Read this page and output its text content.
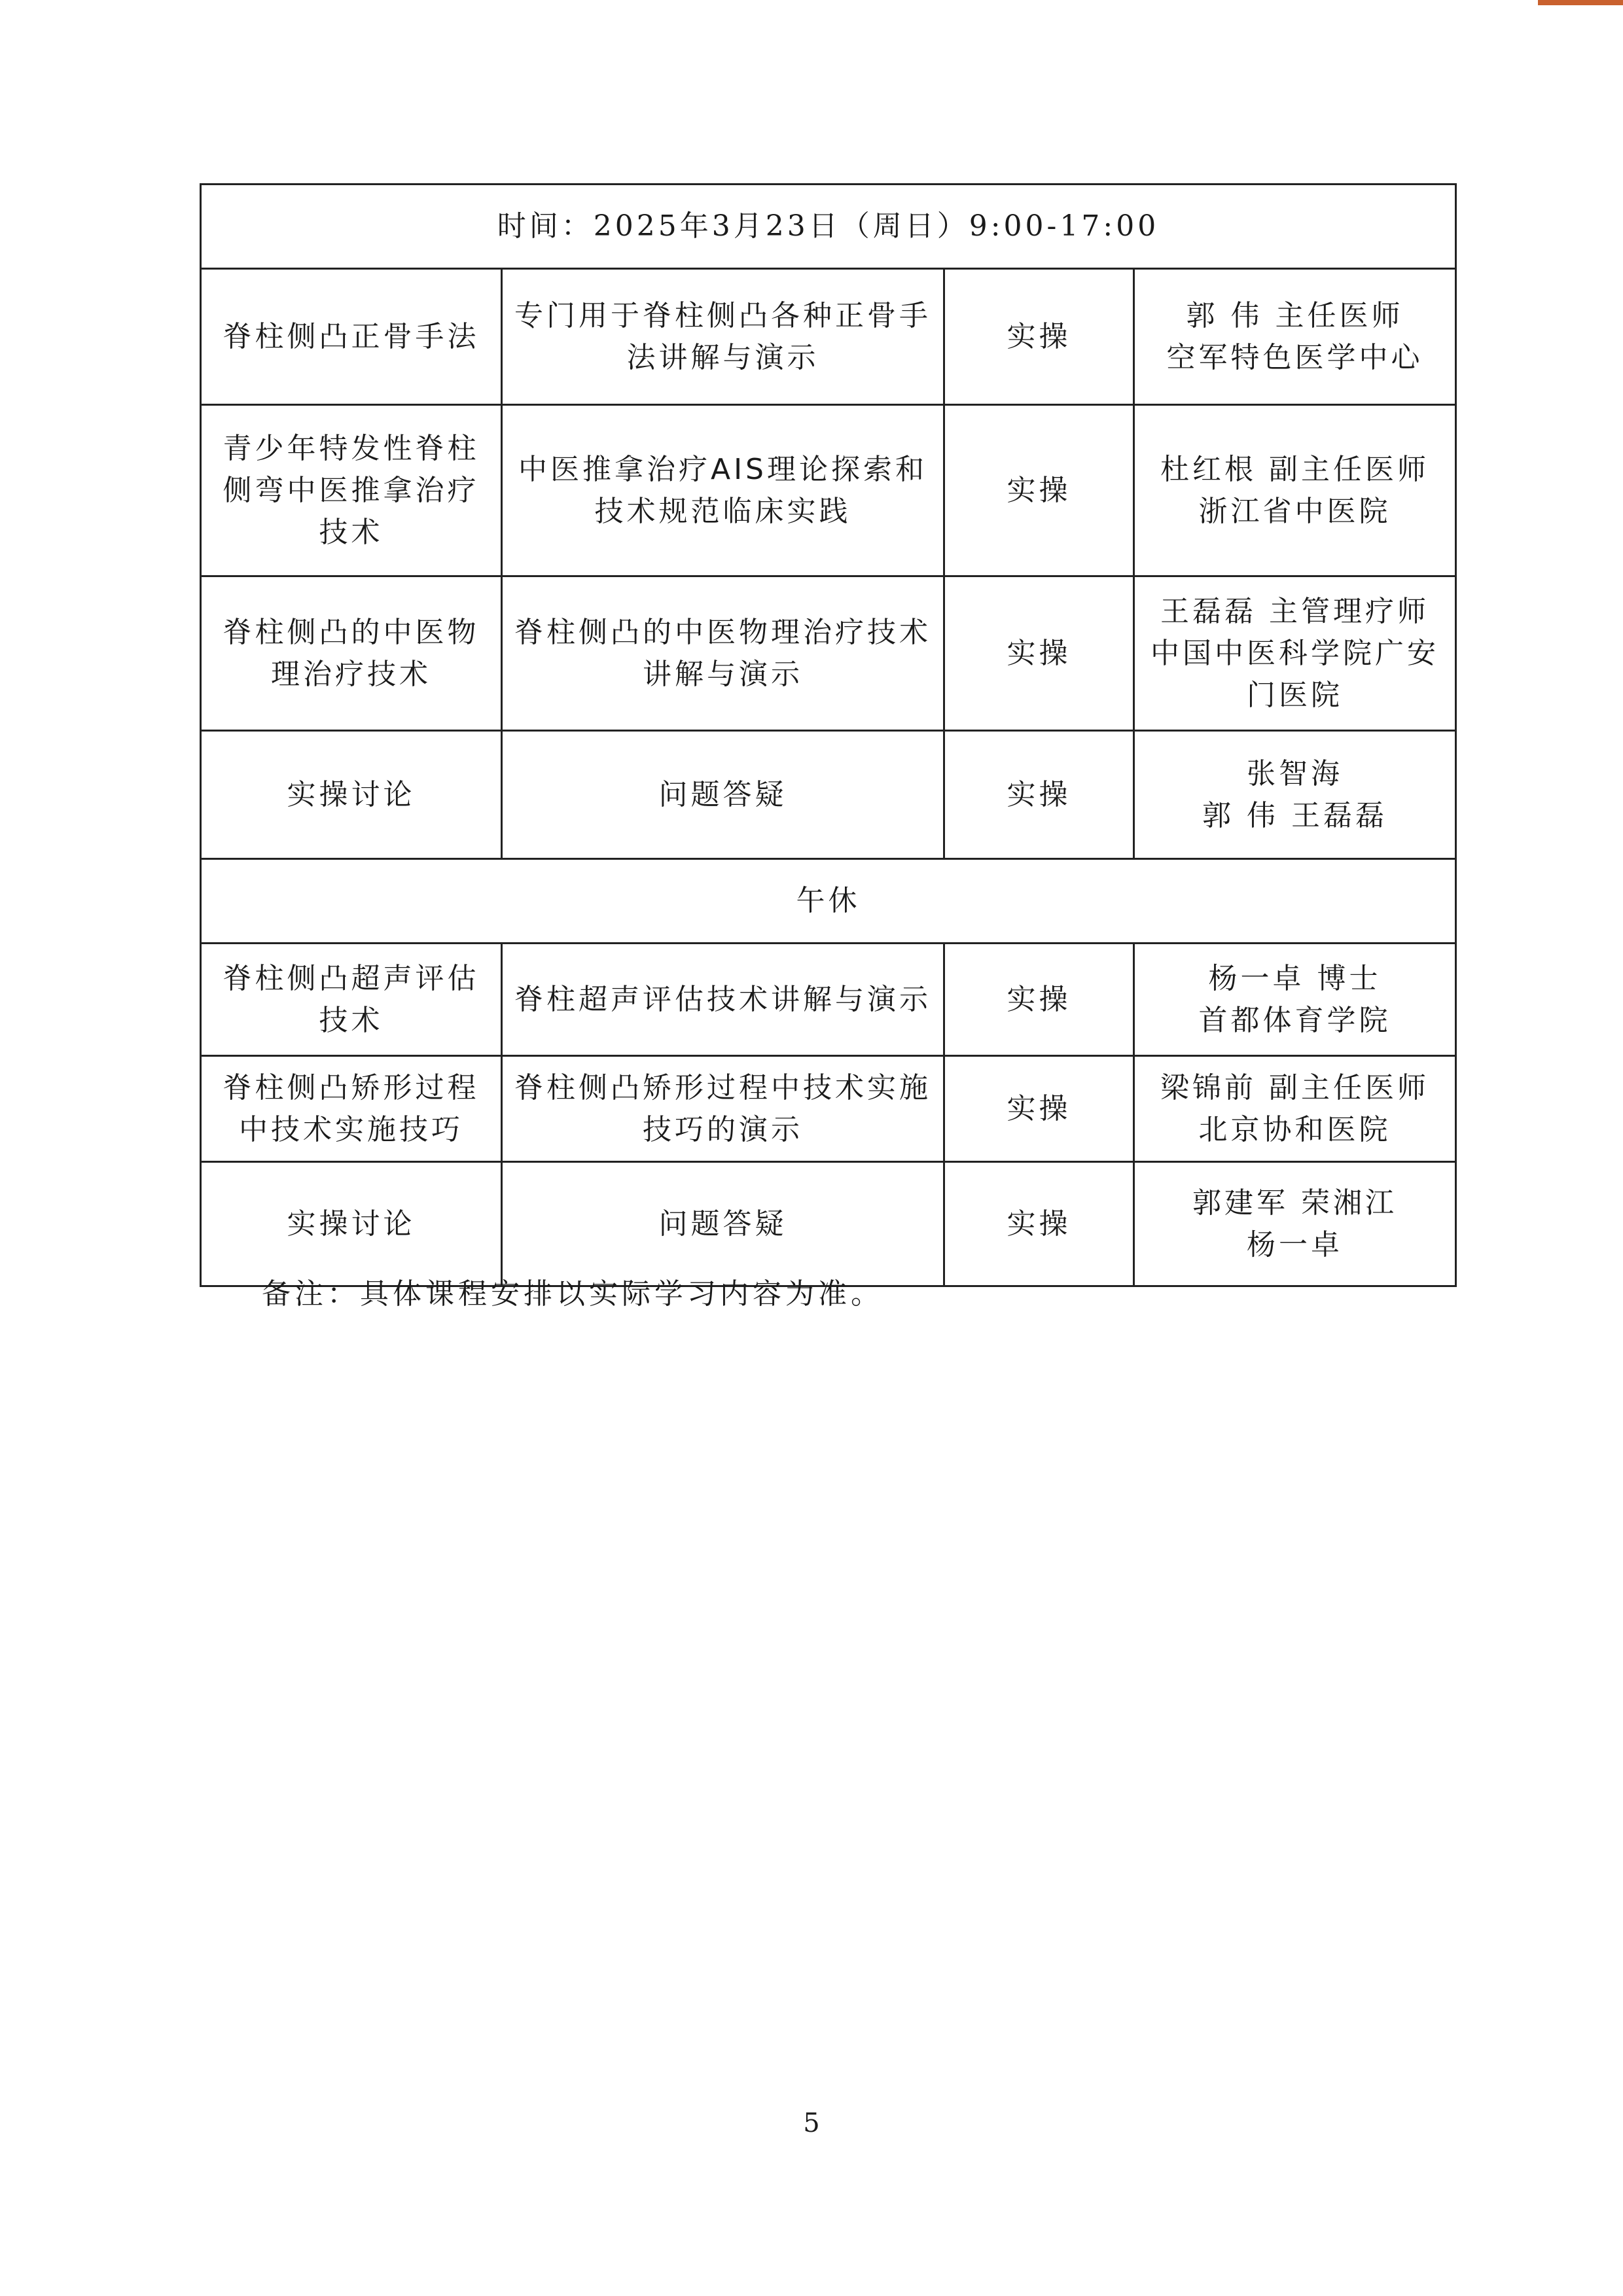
时间：2025年3月23日（周日）9:00-17:00			
脊柱侧凸正骨手法	专门用于脊柱侧凸各种正骨手法讲解与演示	实操	郭 伟 主任医师
空军特色医学中心

青少年特发性脊柱侧弯中医推拿治疗技术	中医推拿治疗AIS理论探索和技术规范临床实践	实操	杜红根 副主任医师
浙江省中医院

脊柱侧凸的中医物理治疗技术	脊柱侧凸的中医物理治疗技术讲解与演示	实操	王磊磊 主管理疗师
中国中医科学院广安门医院

实操讨论	问题答疑	实操	张智海
郭 伟 王磊磊

午休			
脊柱侧凸超声评估技术	脊柱超声评估技术讲解与演示	实操	杨一卓 博士
首都体育学院

脊柱侧凸矫形过程中技术实施技巧	脊柱侧凸矫形过程中技术实施技巧的演示	实操	梁锦前 副主任医师
北京协和医院

实操讨论	问题答疑	实操	郭建军 荣湘江
杨一卓
备注：具体课程安排以实际学习内容为准。
5
